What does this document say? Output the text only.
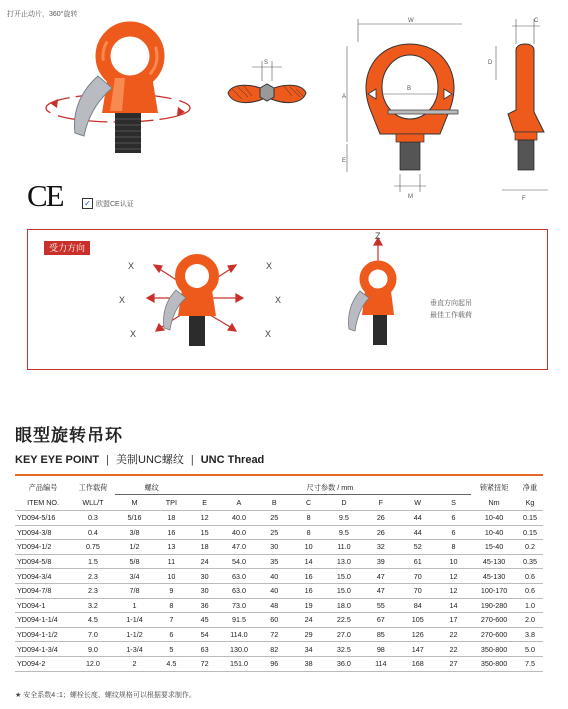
打开止动片，360°旋转
S
W
A
E
B
M
C
D
F
CE	✓ 欧盟CE认证
受力方向
X	X
X	X
X	X
Z
垂直方向起吊
最佳工作载荷
眼型旋转吊环
KEY EYE POINT | 美制UNC螺纹 | UNC Thread
产品编号	工作载荷	螺纹		尺寸参数 / mm								锁紧扭矩	净重
ITEM NO.	WLL/T	M	TPI	E	A	B	C	D	F	W	S	Nm	Kg
YD094-5/16	0.3	5/16	18	12	40.0	25	8	9.5	26	44	6	10-40	0.15
YD094-3/8	0.4	3/8	16	15	40.0	25	8	9.5	26	44	6	10-40	0.15
YD094-1/2	0.75	1/2	13	18	47.0	30	10	11.0	32	52	8	15-40	0.2
YD094-5/8	1.5	5/8	11	24	54.0	35	14	13.0	39	61	10	45-130	0.35
YD094-3/4	2.3	3/4	10	30	63.0	40	16	15.0	47	70	12	45-130	0.6
YD094-7/8	2.3	7/8	9	30	63.0	40	16	15.0	47	70	12	100-170	0.6
YD094-1	3.2	1	8	36	73.0	48	19	18.0	55	84	14	190-280	1.0
YD094-1-1/4	4.5	1-1/4	7	45	91.5	60	24	22.5	67	105	17	270-600	2.0
YD094-1-1/2	7.0	1-1/2	6	54	114.0	72	29	27.0	85	126	22	270-600	3.8
YD094-1-3/4	9.0	1-3/4	5	63	130.0	82	34	32.5	98	147	22	350-800	5.0
YD094-2	12.0	2	4.5	72	151.0	96	38	36.0	114	168	27	350-800	7.5
★ 安全系数4 :1；螺栓长度、螺纹规格可以根据要求制作。
